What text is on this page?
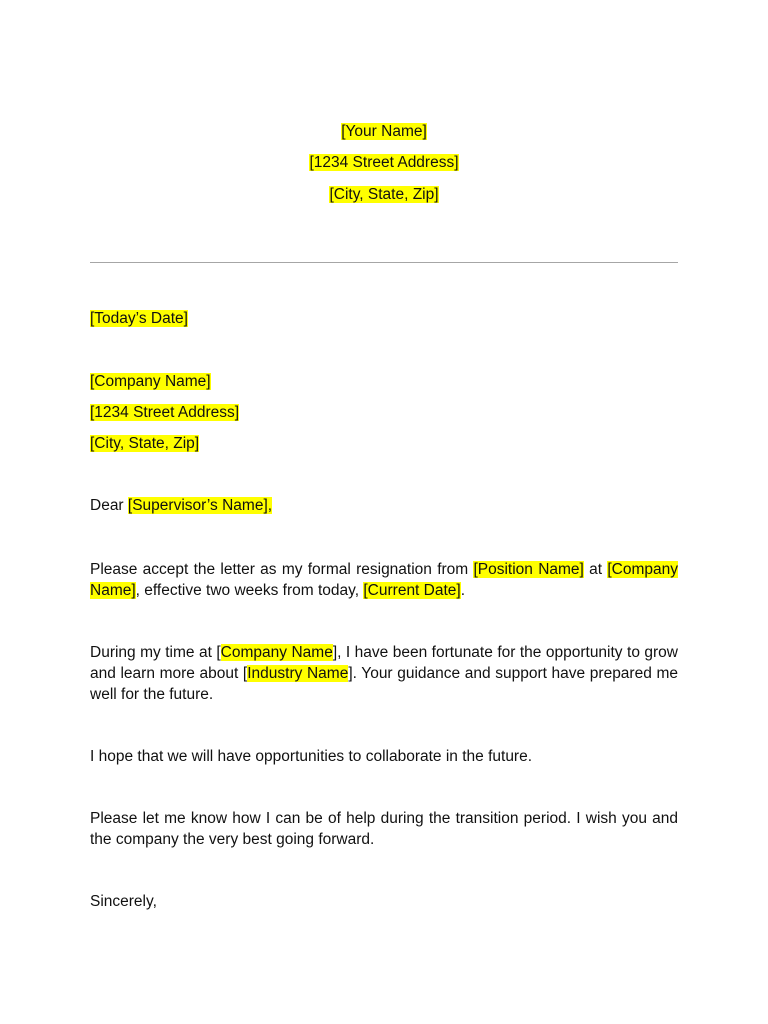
[Your Name]
[1234 Street Address]
[City, State, Zip]
[Today’s Date]
[Company Name]
[1234 Street Address]
[City, State, Zip]
Dear [Supervisor’s Name],
Please accept the letter as my formal resignation from [Position Name] at [Company Name], effective two weeks from today, [Current Date].
During my time at [Company Name], I have been fortunate for the opportunity to grow and learn more about [Industry Name]. Your guidance and support have prepared me well for the future.
I hope that we will have opportunities to collaborate in the future.
Please let me know how I can be of help during the transition period. I wish you and the company the very best going forward.
Sincerely,
